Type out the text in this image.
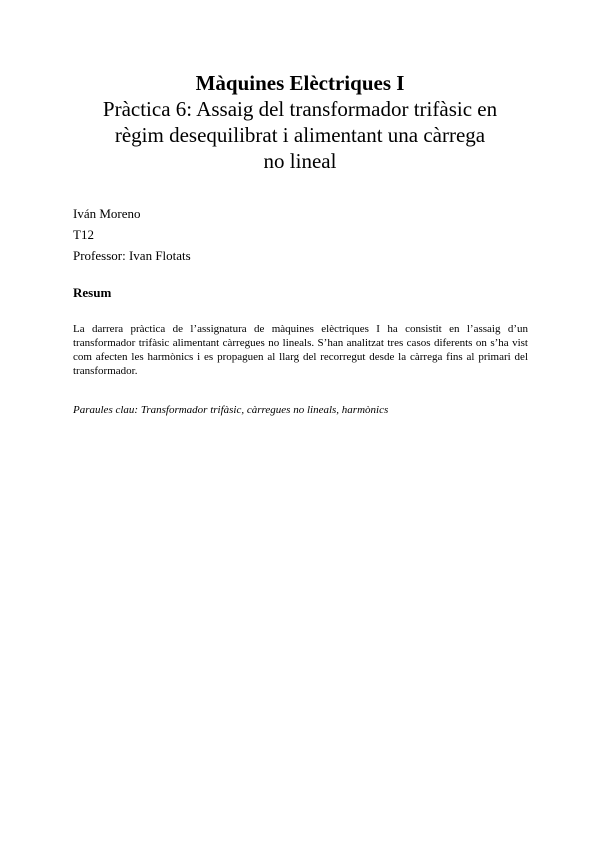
Màquines Elèctriques I
Pràctica 6: Assaig del transformador trifàsic en
règim desequilibrat i alimentant una càrrega
no lineal
Iván Moreno
T12
Professor: Ivan Flotats
Resum

La darrera pràctica de l’assignatura de màquines elèctriques I ha consistit en l’assaig d’un transformador trifàsic alimentant càrregues no lineals. S’han analitzat tres casos diferents on s’ha vist com afecten les harmònics i es propaguen al llarg del recorregut desde la càrrega fins al primari del transformador.

Paraules clau: Transformador trifàsic, càrregues no lineals, harmònics
